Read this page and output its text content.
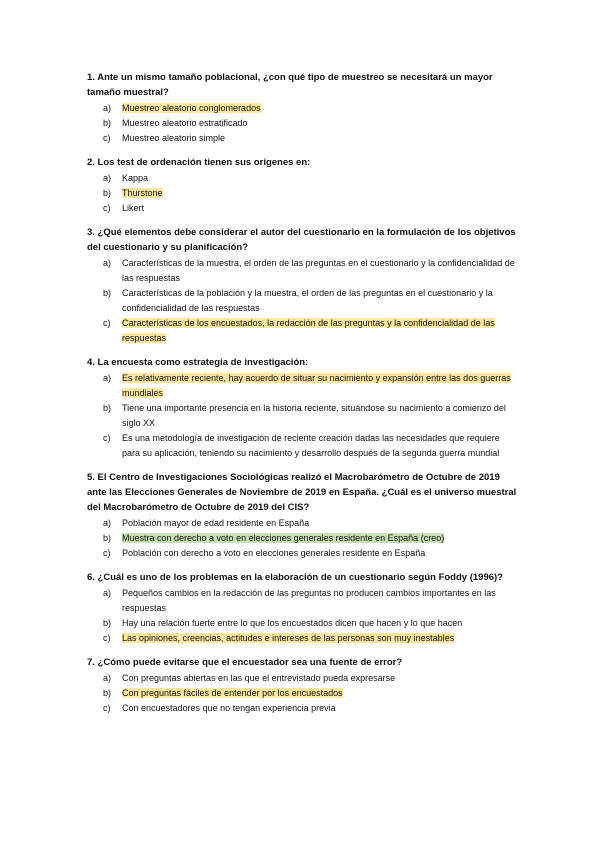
1. Ante un mismo tamaño poblacional, ¿con qué tipo de muestreo se necesitará un mayor tamaño muestral?
a) Muestreo aleatorio conglomerados
b) Muestreo aleatorio estratificado
c) Muestreo aleatorio simple
2. Los test de ordenación tienen sus orígenes en:
a) Kappa
b) Thurstone
c) Likert
3. ¿Qué elementos debe considerar el autor del cuestionario en la formulación de los objetivos del cuestionario y su planificación?
a) Características de la muestra, el orden de las preguntas en el cuestionario y la confidencialidad de las respuestas
b) Características de la población y la muestra, el orden de las preguntas en el cuestionario y la confidencialidad de las respuestas
c) Características de los encuestados, la redacción de las preguntas y la confidencialidad de las respuestas
4. La encuesta como estrategia de investigación:
a) Es relativamente reciente, hay acuerdo de situar su nacimiento y expansión entre las dos guerras mundiales
b) Tiene una importante presencia en la historia reciente, situándose su nacimiento a comienzo del siglo XX
c) Es una metodología de investigación de reciente creación dadas las necesidades que requiere para su aplicación, teniendo su nacimiento y desarrollo después de la segunda guerra mundial
5. El Centro de Investigaciones Sociológicas realizó el Macrobarómetro de Octubre de 2019 ante las Elecciones Generales de Noviembre de 2019 en España. ¿Cuál es el universo muestral del Macrobarómetro de Octubre de 2019 del CIS?
a) Población mayor de edad residente en España
b) Muestra con derecho a voto en elecciones generales residente en España (creo)
c) Población con derecho a voto en elecciones generales residente en España
6. ¿Cuál es uno de los problemas en la elaboración de un cuestionario según Foddy (1996)?
a) Pequeños cambios en la redacción de las preguntas no producen cambios importantes en las respuestas
b) Hay una relación fuerte entre lo que los encuestados dicen que hacen y lo que hacen
c) Las opiniones, creencias, actitudes e intereses de las personas son muy inestables
7. ¿Cómo puede evitarse que el encuestador sea una fuente de error?
a) Con preguntas abiertas en las que el entrevistado pueda expresarse
b) Con preguntas fáciles de entender por los encuestados
c) Con encuestadores que no tengan experiencia previa
